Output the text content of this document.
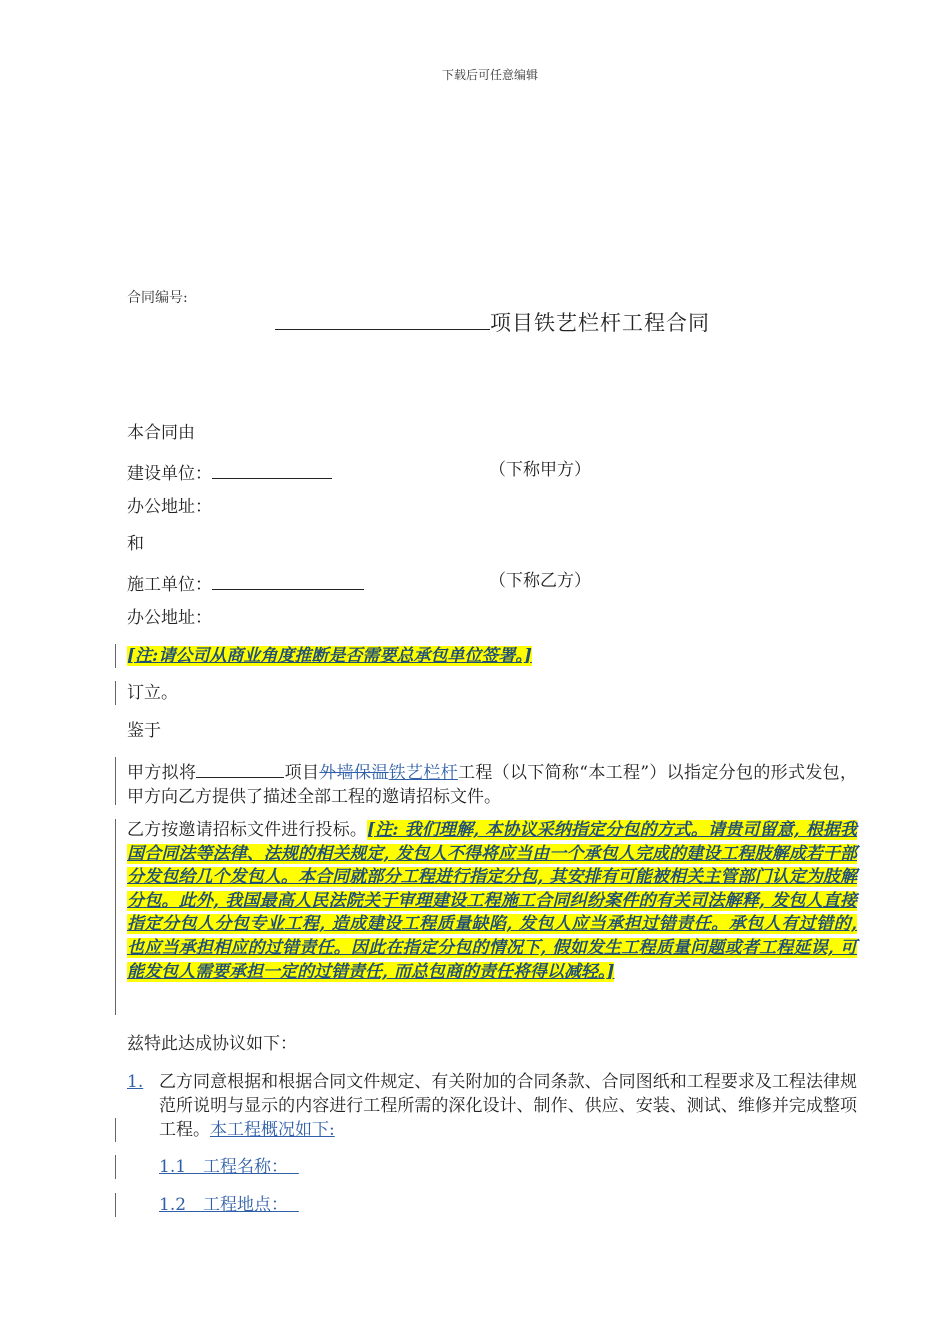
下载后可任意编辑
合同编号:
项目铁艺栏杆工程合同
本合同由
建设单位：	（下称甲方）
办公地址：
和
施工单位：	（下称乙方）
办公地址：
[注:请公司从商业角度推断是否需要总承包单位签署。]
订立。
鉴于
甲方拟将	项目外墙保温铁艺栏杆工程（以下简称“本工程”）以指定分包的形式发包，甲方向乙方提供了描述全部工程的邀请招标文件。
乙方按邀请招标文件进行投标。[注: 我们理解, 本协议采纳指定分包的方式。请贵司留意, 根据我国合同法等法律、法规的相关规定, 发包人不得将应当由一个承包人完成的建设工程肢解成若干部分发包给几个发包人。本合同就部分工程进行指定分包, 其安排有可能被相关主管部门认定为肢解分包。此外, 我国最高人民法院关于审理建设工程施工合同纠纷案件的有关司法解释, 发包人直接指定分包人分包专业工程, 造成建设工程质量缺陷, 发包人应当承担过错责任。承包人有过错的, 也应当承担相应的过错责任。因此在指定分包的情况下, 假如发生工程质量问题或者工程延误, 可能发包人需要承担一定的过错责任, 而总包商的责任将得以减轻。]
兹特此达成协议如下：
1. 乙方同意根据和根据合同文件规定、有关附加的合同条款、合同图纸和工程要求及工程法律规范所说明与显示的内容进行工程所需的深化设计、制作、供应、安装、测试、维修并完成整项工程。本工程概况如下:
1.1　工程名称：
1.2　工程地点：
